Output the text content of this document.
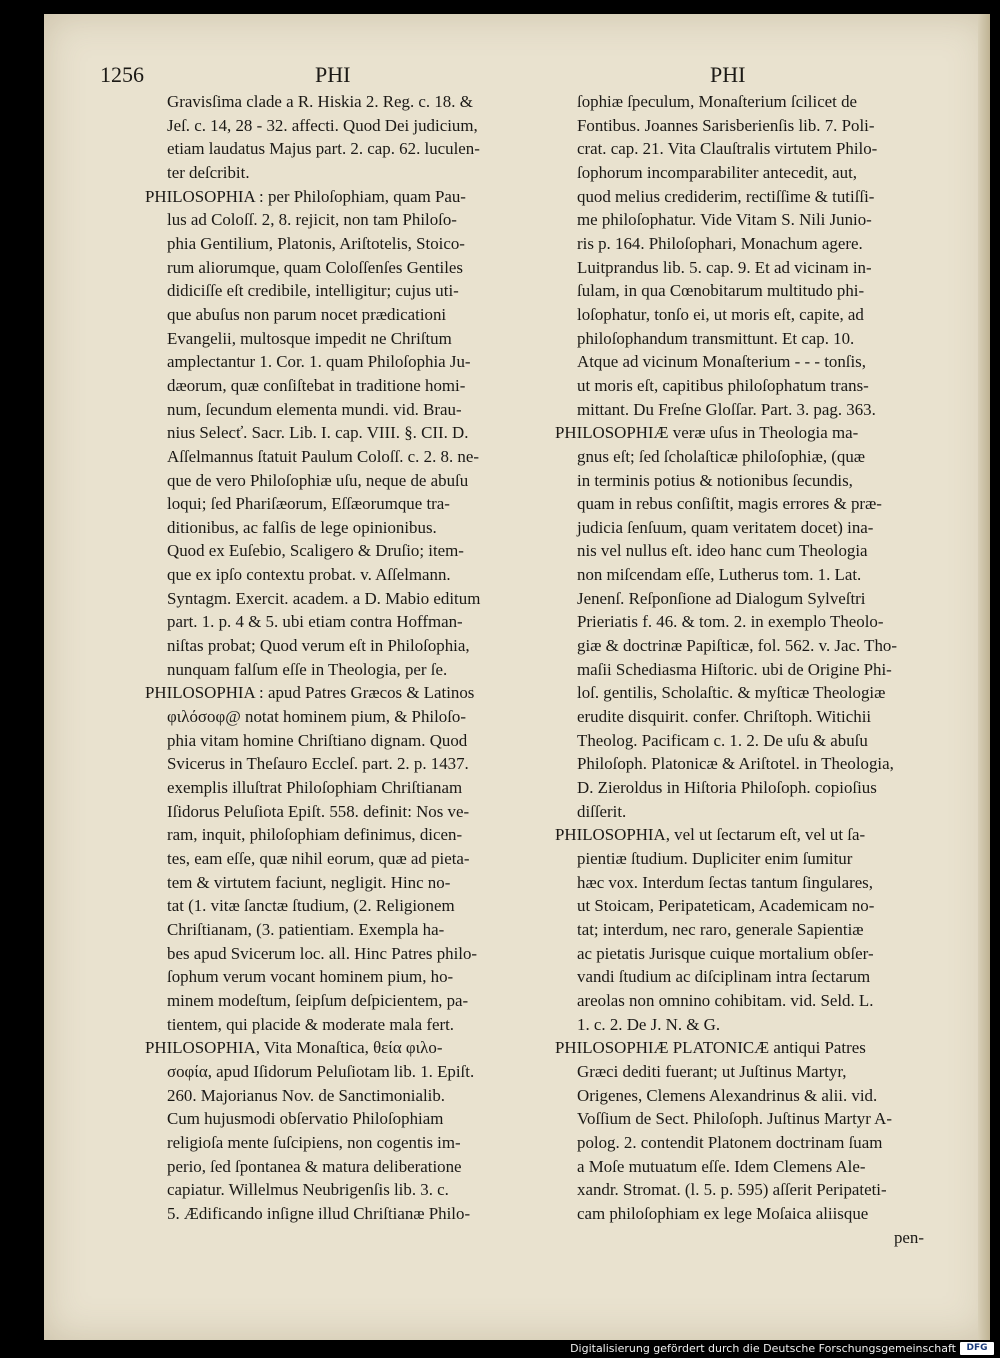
1256	PHI	PHI
Gravisſima clade a R. Hiskia 2. Reg. c. 18. &
Jeſ. c. 14, 28 - 32. affecti. Quod Dei judicium,
etiam laudatus Majus part. 2. cap. 62. luculen-
ter deſcribit.
PHILOSOPHIA : per Philoſophiam, quam Pau-
lus ad Coloſſ. 2, 8. rejicit, non tam Philoſo-
phia Gentilium, Platonis, Ariſtotelis, Stoico-
rum aliorumque, quam Coloſſenſes Gentiles
didiciſſe eſt credibile, intelligitur; cujus uti-
que abuſus non parum nocet prædicationi
Evangelii, multosque impedit ne Chriſtum
amplectantur 1. Cor. 1. quam Philoſophia Ju-
dæorum, quæ conſiſtebat in traditione homi-
num, ſecundum elementa mundi. vid. Brau-
nius Selecť. Sacr. Lib. I. cap. VIII. §. CII. D.
Aſſelmannus ſtatuit Paulum Coloſſ. c. 2. 8. ne-
que de vero Philoſophiæ uſu, neque de abuſu
loqui; ſed Phariſæorum, Eſſæorumque tra-
ditionibus, ac falſis de lege opinionibus.
Quod ex Euſebio, Scaligero & Druſio; item-
que ex ipſo contextu probat. v. Aſſelmann.
Syntagm. Exercit. academ. a D. Mabio editum
part. 1. p. 4 & 5. ubi etiam contra Hoffman-
niſtas probat; Quod verum eſt in Philoſophia,
nunquam falſum eſſe in Theologia, per ſe.
PHILOSOPHIA : apud Patres Græcos & Latinos
φιλόσοφ@ notat hominem pium, & Philoſo-
phia vitam homine Chriſtiano dignam. Quod
Svicerus in Theſauro Eccleſ. part. 2. p. 1437.
exemplis illuſtrat Philoſophiam Chriſtianam
Iſidorus Peluſiota Epiſt. 558. definit: Nos ve-
ram, inquit, philoſophiam definimus, dicen-
tes, eam eſſe, quæ nihil eorum, quæ ad pieta-
tem & virtutem faciunt, negligit. Hinc no-
tat (1. vitæ ſanctæ ſtudium, (2. Religionem
Chriſtianam, (3. patientiam. Exempla ha-
bes apud Svicerum loc. all. Hinc Patres philo-
ſophum verum vocant hominem pium, ho-
minem modeſtum, ſeipſum deſpicientem, pa-
tientem, qui placide & moderate mala fert.
PHILOSOPHIA, Vita Monaſtica, θεία φιλο-
σοφία, apud Iſidorum Peluſiotam lib. 1. Epiſt.
260. Majorianus Nov. de Sanctimonialib.
Cum hujusmodi obſervatio Philoſophiam
religioſa mente ſuſcipiens, non cogentis im-
perio, ſed ſpontanea & matura deliberatione
capiatur. Willelmus Neubrigenſis lib. 3. c.
5. Ædificando inſigne illud Chriſtianæ Philo-
ſophiæ ſpeculum, Monaſterium ſcilicet de
Fontibus. Joannes Sarisberienſis lib. 7. Poli-
crat. cap. 21. Vita Clauſtralis virtutem Philo-
ſophorum incomparabiliter antecedit, aut,
quod melius crediderim, rectiſſime & tutiſſi-
me philoſophatur. Vide Vitam S. Nili Junio-
ris p. 164. Philoſophari, Monachum agere.
Luitprandus lib. 5. cap. 9. Et ad vicinam in-
ſulam, in qua Cœnobitarum multitudo phi-
loſophatur, tonſo ei, ut moris eſt, capite, ad
philoſophandum transmittunt. Et cap. 10.
Atque ad vicinum Monaſterium - - - tonſis,
ut moris eſt, capitibus philoſophatum trans-
mittant. Du Freſne Gloſſar. Part. 3. pag. 363.
PHILOSOPHIÆ veræ uſus in Theologia ma-
gnus eſt; ſed ſcholaſticæ philoſophiæ, (quæ
in terminis potius & notionibus ſecundis,
quam in rebus conſiſtit, magis errores & præ-
judicia ſenſuum, quam veritatem docet) ina-
nis vel nullus eſt. ideo hanc cum Theologia
non miſcendam eſſe, Lutherus tom. 1. Lat.
Jenenſ. Reſponſione ad Dialogum Sylveſtri
Prieriatis f. 46. & tom. 2. in exemplo Theolo-
giæ & doctrinæ Papiſticæ, fol. 562. v. Jac. Tho-
maſii Schediasma Hiſtoric. ubi de Origine Phi-
loſ. gentilis, Scholaſtic. & myſticæ Theologiæ
erudite disquirit. confer. Chriſtoph. Witichii
Theolog. Pacificam c. 1. 2. De uſu & abuſu
Philoſoph. Platonicæ & Ariſtotel. in Theologia,
D. Zieroldus in Hiſtoria Philoſoph. copioſius
diſſerit.
PHILOSOPHIA, vel ut ſectarum eſt, vel ut ſa-
pientiæ ſtudium. Dupliciter enim ſumitur
hæc vox. Interdum ſectas tantum ſingulares,
ut Stoicam, Peripateticam, Academicam no-
tat; interdum, nec raro, generale Sapientiæ
ac pietatis Jurisque cuique mortalium obſer-
vandi ſtudium ac diſciplinam intra ſectarum
areolas non omnino cohibitam. vid. Seld. L.
1. c. 2. De J. N. & G.
PHILOSOPHIÆ PLATONICÆ antiqui Patres
Græci dediti fuerant; ut Juſtinus Martyr,
Origenes, Clemens Alexandrinus & alii. vid.
Voſſium de Sect. Philoſoph. Juſtinus Martyr A-
polog. 2. contendit Platonem doctrinam ſuam
a Moſe mutuatum eſſe. Idem Clemens Ale-
xandr. Stromat. (l. 5. p. 595) aſſerit Peripateti-
cam philoſophiam ex lege Moſaica aliisque
pen-
Digitalisierung gefördert durch die Deutsche Forschungsgemeinschaft	DFG
